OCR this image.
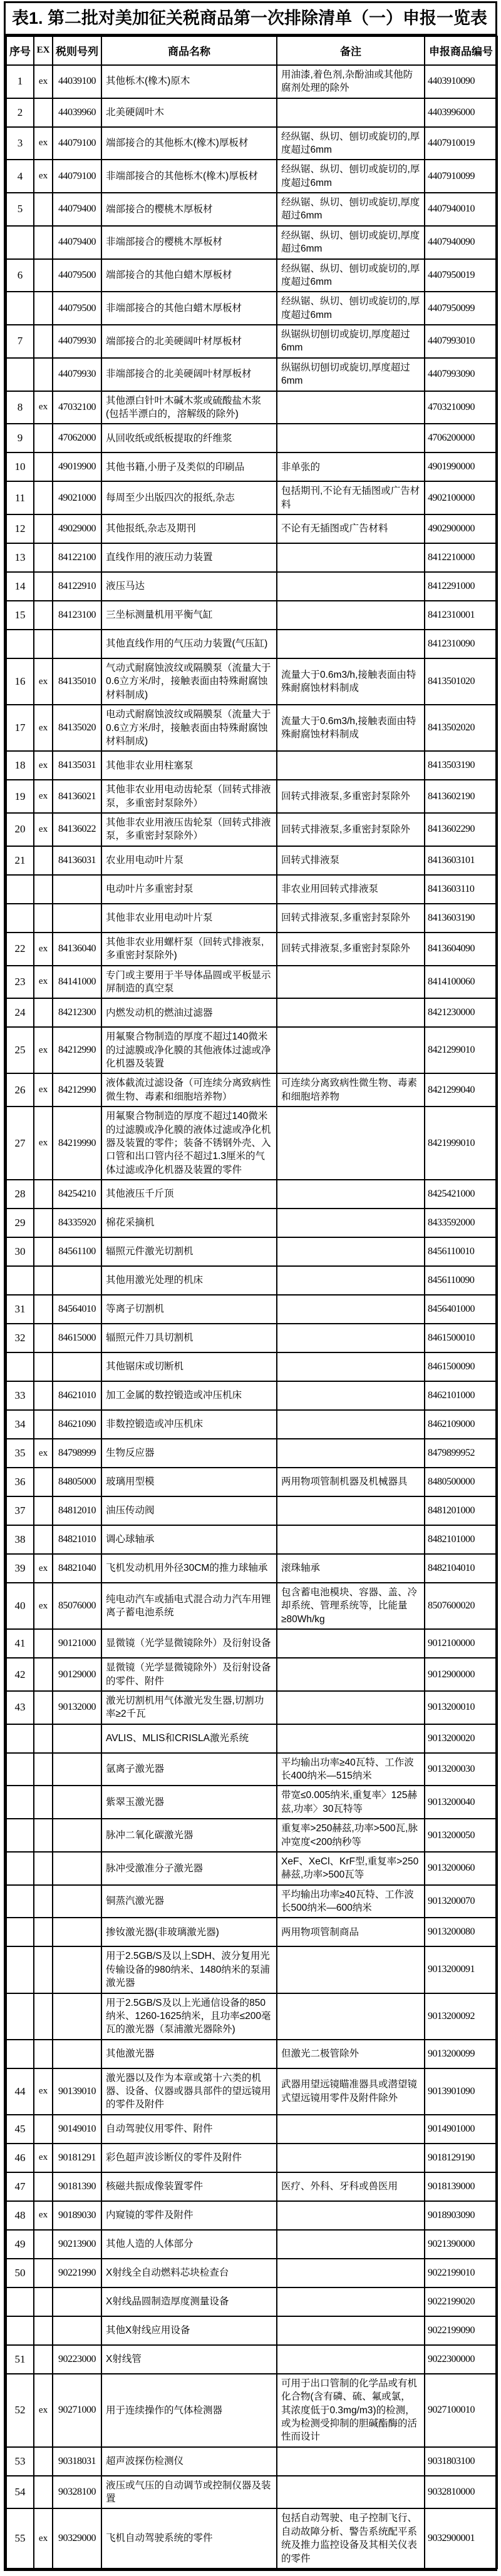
表1. 第二批对美加征关税商品第一次排除清单（一）申报一览表
序号	EX	税则号列	商品名称	备注	申报商品编号
1	ex	44039100	其他栎木(橡木)原木	用油漆,着色剂,杂酚油或其他防腐剂处理的除外	4403910090
2		44039960	北美硬阔叶木		4403996000
3	ex	44079100	端部接合的其他栎木(橡木)厚板材	经纵锯、纵切、刨切或旋切的,厚度超过6mm	4407910019
4	ex	44079100	非端部接合的其他栎木(橡木)厚板材	经纵锯、纵切、刨切或旋切的,厚度超过6mm	4407910099
5		44079400	端部接合的樱桃木厚板材	经纵锯、纵切、刨切或旋切,厚度超过6mm	4407940010
		44079400	非端部接合的樱桃木厚板材	经纵锯、纵切、刨切或旋切,厚度超过6mm	4407940090
6		44079500	端部接合的其他白蜡木厚板材	经纵锯、纵切、刨切或旋切的,厚度超过6mm	4407950019
		44079500	非端部接合的其他白蜡木厚板材	经纵锯、纵切、刨切或旋切的,厚度超过6mm	4407950099
7		44079930	端部接合的北美硬阔叶材厚板材	纵锯纵切刨切或旋切,厚度超过6mm	4407993010
		44079930	非端部接合的北美硬阔叶材厚板材	纵锯纵切刨切或旋切,厚度超过6mm	4407993090
8	ex	47032100	其他漂白针叶木碱木浆或硫酸盐木浆(包括半漂白的，溶解级的除外)		4703210090
9		47062000	从回收纸或纸板提取的纤维浆		4706200000
10		49019900	其他书籍,小册子及类似的印刷品	非单张的	4901990000
11		49021000	每周至少出版四次的报纸,杂志	包括期刊,不论有无插图或广告材料	4902100000
12		49029000	其他报纸,杂志及期刊	不论有无插图或广告材料	4902900000
13		84122100	直线作用的液压动力装置		8412210000
14		84122910	液压马达		8412291000
15		84123100	三坐标测量机用平衡气缸		8412310001
			其他直线作用的气压动力装置(气压缸)		8412310090
16	ex	84135010	气动式耐腐蚀波纹或隔膜泵（流量大于0.6立方米/时，接触表面由特殊耐腐蚀材料制成)	流量大于0.6m3/h,接触表面由特殊耐腐蚀材料制成	8413501020
17	ex	84135020	电动式耐腐蚀波纹或隔膜泵（流量大于0.6立方米/时，接触表面由特殊耐腐蚀材料制成)	流量大于0.6m3/h,接触表面由特殊耐腐蚀材料制成	8413502020
18	ex	84135031	其他非农业用柱塞泵		8413503190
19	ex	84136021	其他非农业用电动齿轮泵（回转式排液泵，多重密封泵除外）	回转式排液泵,多重密封泵除外	8413602190
20	ex	84136022	其他非农业用液压齿轮泵（回转式排液泵，多重密封泵除外）	回转式排液泵,多重密封泵除外	8413602290
21		84136031	农业用电动叶片泵	回转式排液泵	8413603101
			电动叶片多重密封泵	非农业用回转式排液泵	8413603110
			其他非农业用电动叶片泵	回转式排液泵,多重密封泵除外	8413603190
22	ex	84136040	其他非农业用螺杆泵（回转式排液泵,多重密封泵除外)	回转式排液泵,多重密封泵除外	8413604090
23	ex	84141000	专门或主要用于半导体晶圆或平板显示屏制造的真空泵		8414100060
24		84212300	内燃发动机的燃油过滤器		8421230000
25	ex	84212990	用氟聚合物制造的厚度不超过140微米的过滤膜或净化膜的其他液体过滤或净化机器及装置		8421299010
26	ex	84212990	液体截流过滤设备（可连续分离致病性微生物、毒素和细胞培养物）	可连续分离致病性微生物、毒素和细胞培养物	8421299040
27	ex	84219990	用氟聚合物制造的厚度不超过140微米的过滤膜或净化膜的液体过滤或净化机器及装置的零件；装备不锈钢外壳、入口管和出口管内径不超过1.3厘米的气体过滤或净化机器及装置的零件		8421999010
28		84254210	其他液压千斤顶		8425421000
29		84335920	棉花采摘机		8433592000
30		84561100	辐照元件激光切割机		8456110010
			其他用激光处理的机床		8456110090
31		84564010	等离子切割机		8456401000
32		84615000	辐照元件刀具切割机		8461500010
			其他锯床或切断机		8461500090
33		84621010	加工金属的数控锻造或冲压机床		8462101000
34		84621090	非数控锻造或冲压机床		8462109000
35	ex	84798999	生物反应器		8479899952
36		84805000	玻璃用型模	两用物项管制机器及机械器具	8480500000
37		84812010	油压传动阀		8481201000
38		84821010	调心球轴承		8482101000
39	ex	84821040	飞机发动机用外径30CM的推力球轴承	滚珠轴承	8482104010
40	ex	85076000	纯电动汽车或插电式混合动力汽车用锂离子蓄电池系统	包含蓄电池模块、容器、盖、冷却系统、管理系统等，比能量≥80Wh/kg	8507600020
41		90121000	显微镜（光学显微镜除外）及衍射设备		9012100000
42		90129000	显微镜（光学显微镜除外）及衍射设备的零件、附件		9012900000
43		90132000	激光切割机用气体激光发生器,切割功率≥2千瓦		9013200010
			AVLIS、MLIS和CRISLA激光系统		9013200020
			氩离子激光器	平均输出功率≥40瓦特、工作波长400纳米—515纳米	9013200030
			紫翠玉激光器	带宽≤0.005纳米,重复率〉125赫兹,功率〉30瓦特等	9013200040
			脉冲二氧化碳激光器	重复率>250赫兹,功率>500瓦,脉冲宽度<200纳秒等	9013200050
			脉冲受激准分子激光器	XeF、XeCl、KrF型,重复率>250赫兹,功率>500瓦等	9013200060
			铜蒸汽激光器	平均输出功率≥40瓦特、工作波长500纳米—600纳米	9013200070
			掺钕激光器(非玻璃激光器)	两用物项管制商品	9013200080
			用于2.5GB/S及以上SDH、波分复用光传输设备的980纳米、1480纳米的泵浦激光器		9013200091
			用于2.5GB/S及以上光通信设备的850纳米、1260-1625纳米，且功率≤200毫瓦的激光器（泵浦激光器除外)		9013200092
			其他激光器	但激光二极管除外	9013200099
44	ex	90139010	激光器以及作为本章或第十六类的机器、设备、仪器或器具部件的望远镜用的零件及附件	武器用望远镜瞄准器具或潜望镜式望远镜用零件及附件除外	9013901090
45		90149010	自动驾驶仪用零件、附件		9014901000
46	ex	90181291	彩色超声波诊断仪的零件及附件		9018129190
47		90181390	核磁共振成像装置零件	医疗、外科、牙科或兽医用	9018139000
48	ex	90189030	内窥镜的零件及附件		9018903090
49		90213900	其他人造的人体部分		9021390000
50		90221990	X射线全自动燃料芯块检查台		9022199010
			X射线晶圆制造厚度测量设备		9022199020
			其他X射线应用设备		9022199090
51		90223000	X射线管		9022300000
52	ex	90271000	用于连续操作的气体检测器	可用于出口管制的化学品或有机化合物(含有磷、硫、氟或氯，其浓度低于0.3mg/m3)的检测，或为检测受抑制的胆碱酯酶的活性而设计	9027100010
53		90318031	超声波探伤检测仪		9031803100
54		90328100	液压或气压的自动调节或控制仪器及装置		9032810000
55	ex	90329000	飞机自动驾驶系统的零件	包括自动驾驶、电子控制飞行、自动故障分析、警告系统配平系统及推力监控设备及其相关仪表的零件	9032900001
